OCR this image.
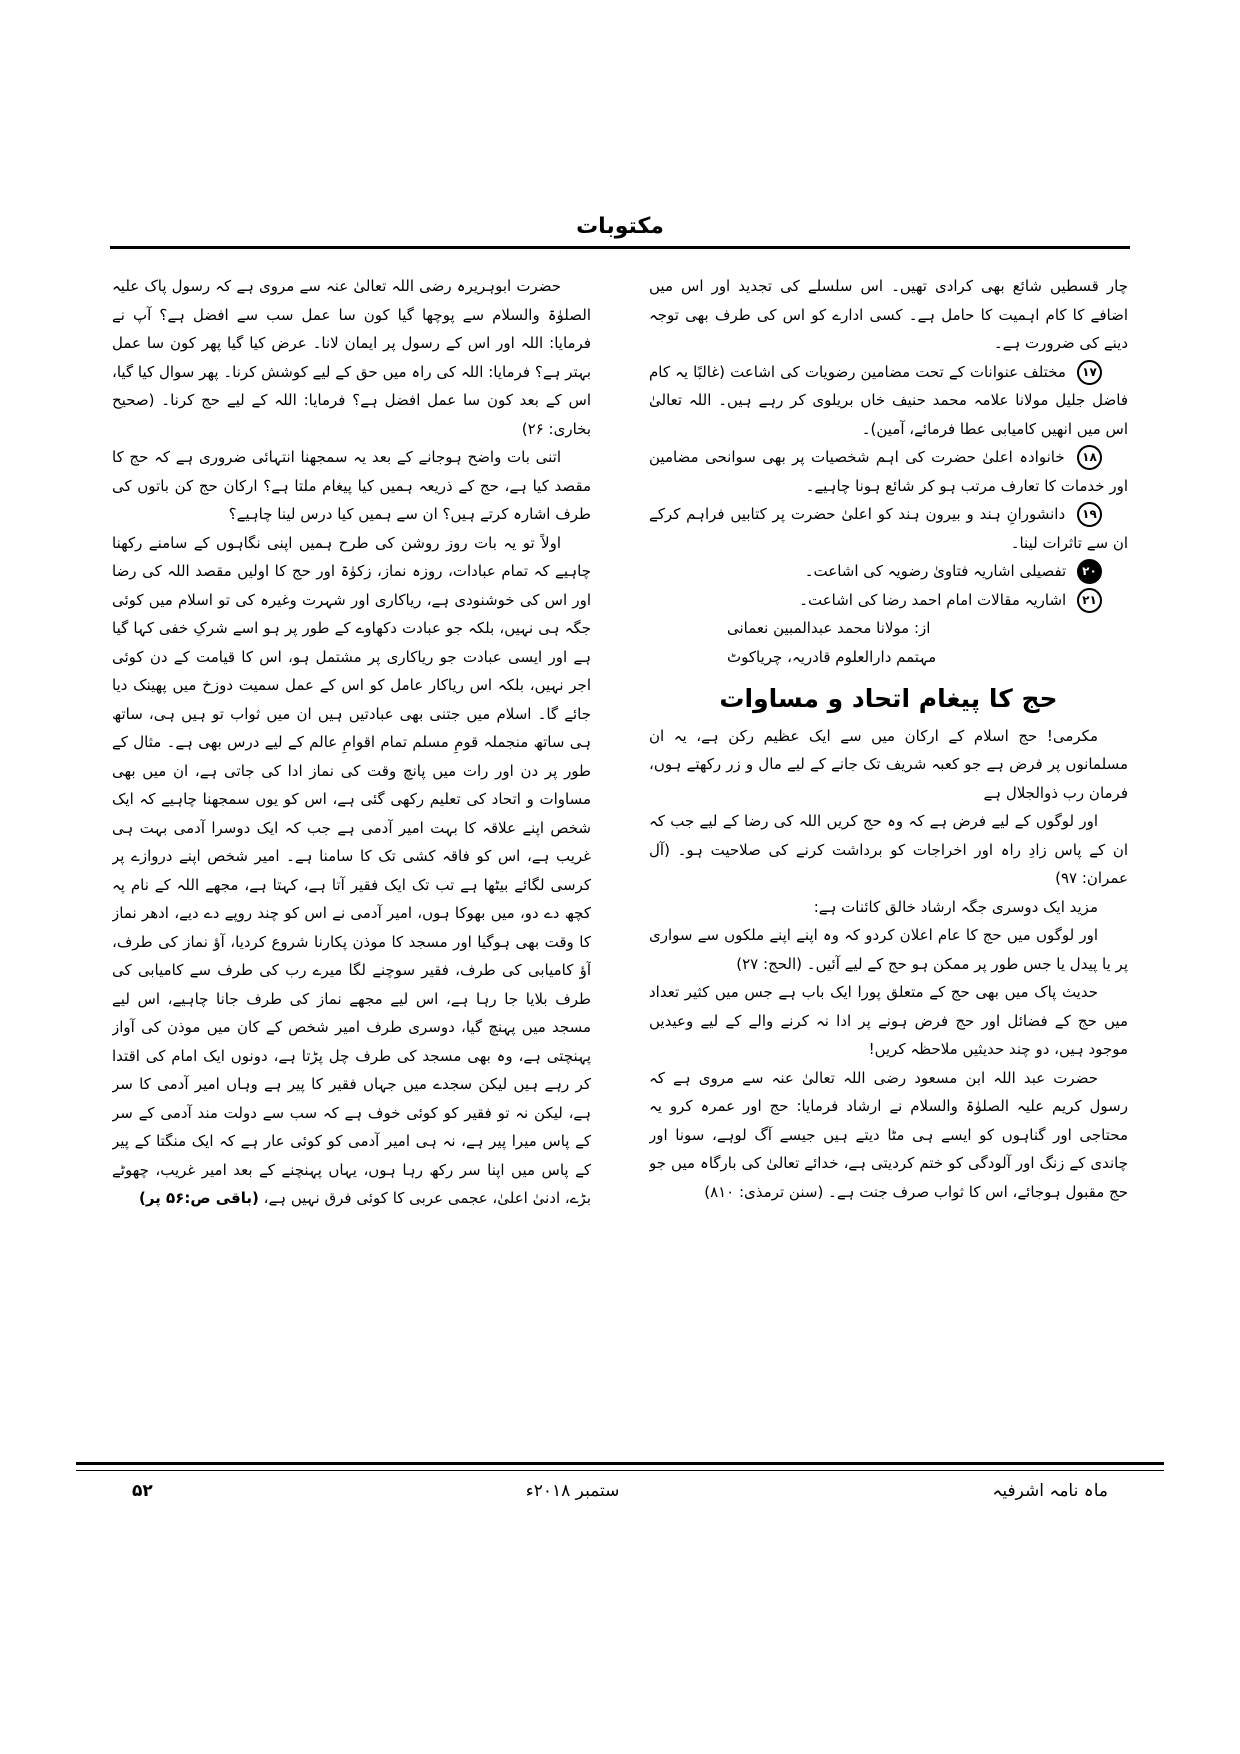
مکتوبات

چار قسطیں شائع بھی کرادی تھیں۔ اس سلسلے کی تجدید اور اس میں اضافے کا کام اہمیت کا حامل ہے۔ کسی ادارے کو اس کی طرف بھی توجہ دینے کی ضرورت ہے۔

۱۷ مختلف عنوانات کے تحت مضامین رضویات کی اشاعت (غالبًا یہ کام فاضل جلیل مولانا علامہ محمد حنیف خاں بریلوی کر رہے ہیں۔ اللہ تعالیٰ اس میں انھیں کامیابی عطا فرمائے، آمین)۔

۱۸ خانوادہ اعلیٰ حضرت کی اہم شخصیات پر بھی سوانحی مضامین اور خدمات کا تعارف مرتب ہو کر شائع ہونا چاہیے۔

۱۹ دانشورانِ ہند و بیرون ہند کو اعلیٰ حضرت پر کتابیں فراہم کرکے ان سے تاثرات لینا۔

۲۰ تفصیلی اشاریہ فتاویٰ رضویہ کی اشاعت۔

۲۱ اشاریہ مقالات امام احمد رضا کی اشاعت۔

از: مولانا محمد عبدالمبین نعمانی

مہتمم دارالعلوم قادریہ، چریاکوٹ

حج کا پیغام اتحاد و مساوات

مکرمی! حج اسلام کے ارکان میں سے ایک عظیم رکن ہے، یہ ان مسلمانوں پر فرض ہے جو کعبہ شریف تک جانے کے لیے مال و زر رکھتے ہوں، فرمان رب ذوالجلال ہے

اور لوگوں کے لیے فرض ہے کہ وہ حج کریں اللہ کی رضا کے لیے جب کہ ان کے پاس زادِ راہ اور اخراجات کو برداشت کرنے کی صلاحیت ہو۔ (آل عمران: ۹۷)

مزید ایک دوسری جگہ ارشاد خالق کائنات ہے:

اور لوگوں میں حج کا عام اعلان کردو کہ وہ اپنے اپنے ملکوں سے سواری پر یا پیدل یا جس طور پر ممکن ہو حج کے لیے آئیں۔ (الحج: ۲۷)

حدیث پاک میں بھی حج کے متعلق پورا ایک باب ہے جس میں کثیر تعداد میں حج کے فضائل اور حج فرض ہونے پر ادا نہ کرنے والے کے لیے وعیدیں موجود ہیں، دو چند حدیثیں ملاحظہ کریں!

حضرت عبد اللہ ابن مسعود رضی اللہ تعالیٰ عنہ سے مروی ہے کہ رسول کریم علیہ الصلوٰۃ والسلام نے ارشاد فرمایا: حج اور عمرہ کرو یہ محتاجی اور گناہوں کو ایسے ہی مٹا دیتے ہیں جیسے آگ لوہے، سونا اور چاندی کے زنگ اور آلودگی کو ختم کردیتی ہے، خدائے تعالیٰ کی بارگاہ میں جو حج مقبول ہوجائے، اس کا ثواب صرف جنت ہے۔ (سنن ترمذی: ۸۱۰)

حضرت ابوہریرہ رضی اللہ تعالیٰ عنہ سے مروی ہے کہ رسول پاک علیہ الصلوٰۃ والسلام سے پوچھا گیا کون سا عمل سب سے افضل ہے؟ آپ نے فرمایا: اللہ اور اس کے رسول پر ایمان لانا۔ عرض کیا گیا پھر کون سا عمل بہتر ہے؟ فرمایا: اللہ کی راہ میں حق کے لیے کوشش کرنا۔ پھر سوال کیا گیا، اس کے بعد کون سا عمل افضل ہے؟ فرمایا: اللہ کے لیے حج کرنا۔ (صحیح بخاری: ۲۶)

اتنی بات واضح ہوجانے کے بعد یہ سمجھنا انتہائی ضروری ہے کہ حج کا مقصد کیا ہے، حج کے ذریعہ ہمیں کیا پیغام ملتا ہے؟ ارکان حج کن باتوں کی طرف اشارہ کرتے ہیں؟ ان سے ہمیں کیا درس لینا چاہیے؟

اولاً تو یہ بات روز روشن کی طرح ہمیں اپنی نگاہوں کے سامنے رکھنا چاہیے کہ تمام عبادات، روزہ نماز، زکوٰۃ اور حج کا اولیں مقصد اللہ کی رضا اور اس کی خوشنودی ہے، ریاکاری اور شہرت وغیرہ کی تو اسلام میں کوئی جگہ ہی نہیں، بلکہ جو عبادت دکھاوے کے طور پر ہو اسے شرکِ خفی کہا گیا ہے اور ایسی عبادت جو ریاکاری پر مشتمل ہو، اس کا قیامت کے دن کوئی اجر نہیں، بلکہ اس ریاکار عامل کو اس کے عمل سمیت دوزخ میں پھینک دیا جائے گا۔ اسلام میں جتنی بھی عبادتیں ہیں ان میں ثواب تو ہیں ہی، ساتھ ہی ساتھ منجملہ قومِ مسلم تمام اقوامِ عالم کے لیے درس بھی ہے۔ مثال کے طور پر دن اور رات میں پانچ وقت کی نماز ادا کی جاتی ہے، ان میں بھی مساوات و اتحاد کی تعلیم رکھی گئی ہے، اس کو یوں سمجھنا چاہیے کہ ایک شخص اپنے علاقہ کا بہت امیر آدمی ہے جب کہ ایک دوسرا آدمی بہت ہی غریب ہے، اس کو فاقہ کشی تک کا سامنا ہے۔ امیر شخص اپنے دروازے پر کرسی لگائے بیٹھا ہے تب تک ایک فقیر آتا ہے، کہتا ہے، مجھے اللہ کے نام پہ کچھ دے دو، میں بھوکا ہوں، امیر آدمی نے اس کو چند روپے دے دیے، ادھر نماز کا وقت بھی ہوگیا اور مسجد کا موذن پکارنا شروع کردیا، آؤ نماز کی طرف، آؤ کامیابی کی طرف، فقیر سوچنے لگا میرے رب کی طرف سے کامیابی کی طرف بلایا جا رہا ہے، اس لیے مجھے نماز کی طرف جانا چاہیے، اس لیے مسجد میں پہنچ گیا، دوسری طرف امیر شخص کے کان میں موذن کی آواز پہنچتی ہے، وہ بھی مسجد کی طرف چل پڑتا ہے، دونوں ایک امام کی اقتدا کر رہے ہیں لیکن سجدے میں جہاں فقیر کا پیر ہے وہاں امیر آدمی کا سر ہے، لیکن نہ تو فقیر کو کوئی خوف ہے کہ سب سے دولت مند آدمی کے سر کے پاس میرا پیر ہے، نہ ہی امیر آدمی کو کوئی عار ہے کہ ایک منگتا کے پیر کے پاس میں اپنا سر رکھ رہا ہوں، یہاں پہنچنے کے بعد امیر غریب، چھوٹے بڑے، ادنیٰ اعلیٰ، عجمی عربی کا کوئی فرق نہیں ہے، (باقی ص:۵۶ پر)

۵۲	ستمبر ۲۰۱۸ء	ماہ نامہ اشرفیہ
